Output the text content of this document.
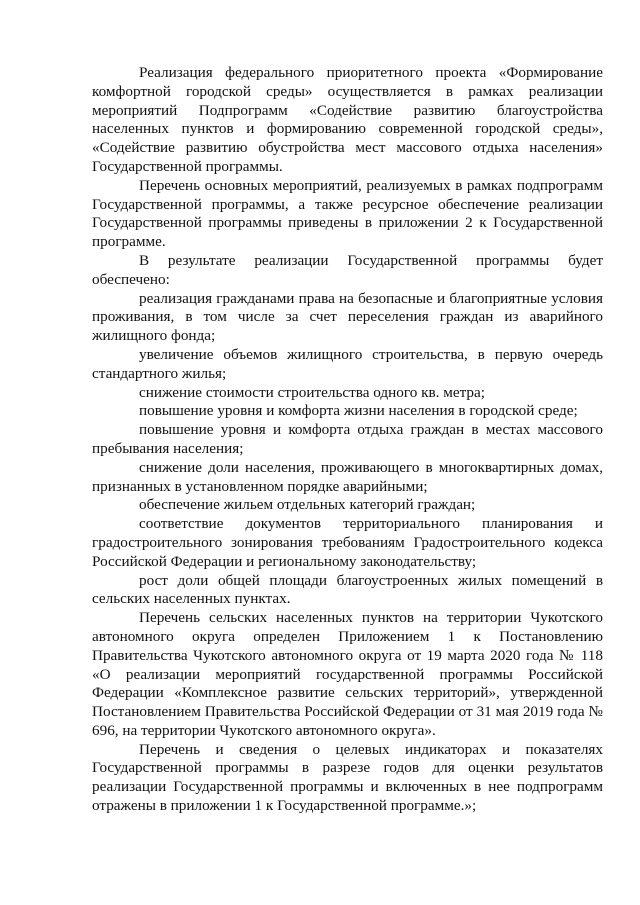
Реализация федерального приоритетного проекта «Формирование комфортной городской среды» осуществляется в рамках реализации мероприятий Подпрограмм «Содействие развитию благоустройства населенных пунктов и формированию современной городской среды», «Содействие развитию обустройства мест массового отдыха населения» Государственной программы.

Перечень основных мероприятий, реализуемых в рамках подпрограмм Государственной программы, а также ресурсное обеспечение реализации Государственной программы приведены в приложении 2 к Государственной программе.

В результате реализации Государственной программы будет обеспечено:

реализация гражданами права на безопасные и благоприятные условия проживания, в том числе за счет переселения граждан из аварийного жилищного фонда;

увеличение объемов жилищного строительства, в первую очередь стандартного жилья;

снижение стоимости строительства одного кв. метра;

повышение уровня и комфорта жизни населения в городской среде;

повышение уровня и комфорта отдыха граждан в местах массового пребывания населения;

снижение доли населения, проживающего в многоквартирных домах, признанных в установленном порядке аварийными;

обеспечение жильем отдельных категорий граждан;

соответствие документов территориального планирования и градостроительного зонирования требованиям Градостроительного кодекса Российской Федерации и региональному законодательству;

рост доли общей площади благоустроенных жилых помещений в сельских населенных пунктах.

Перечень сельских населенных пунктов на территории Чукотского автономного округа определен Приложением 1 к Постановлению Правительства Чукотского автономного округа от 19 марта 2020 года № 118 «О реализации мероприятий государственной программы Российской Федерации «Комплексное развитие сельских территорий», утвержденной Постановлением Правительства Российской Федерации от 31 мая 2019 года № 696, на территории Чукотского автономного округа».

Перечень и сведения о целевых индикаторах и показателях Государственной программы в разрезе годов для оценки результатов реализации Государственной программы и включенных в нее подпрограмм отражены в приложении 1 к Государственной программе.»;
